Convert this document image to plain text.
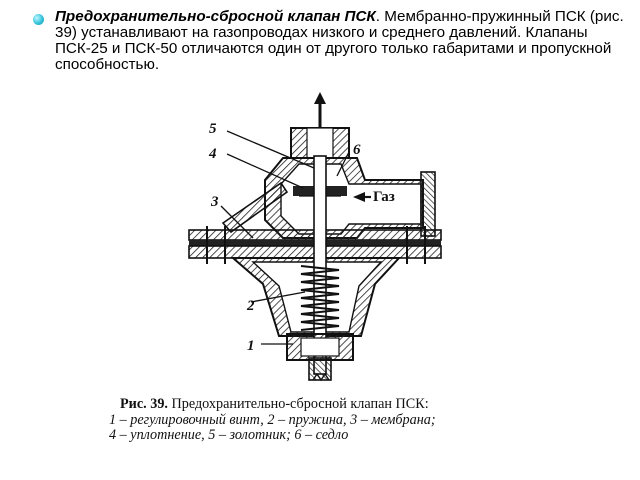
Предохранительно-сбросной клапан ПСК. Мембранно-пружинный ПСК (рис. 39) устанавливают на газопроводах низкого и среднего давлений. Клапаны ПСК-25 и ПСК-50 отличаются один от другого только габаритами и пропускной способностью.

Газ
5
4	6
3
2
1

Рис. 39. Предохранительно-сбросной клапан ПСК:
1 – регулировочный винт, 2 – пружина, 3 – мембрана;
4 – уплотнение, 5 – золотник; 6 – седло
